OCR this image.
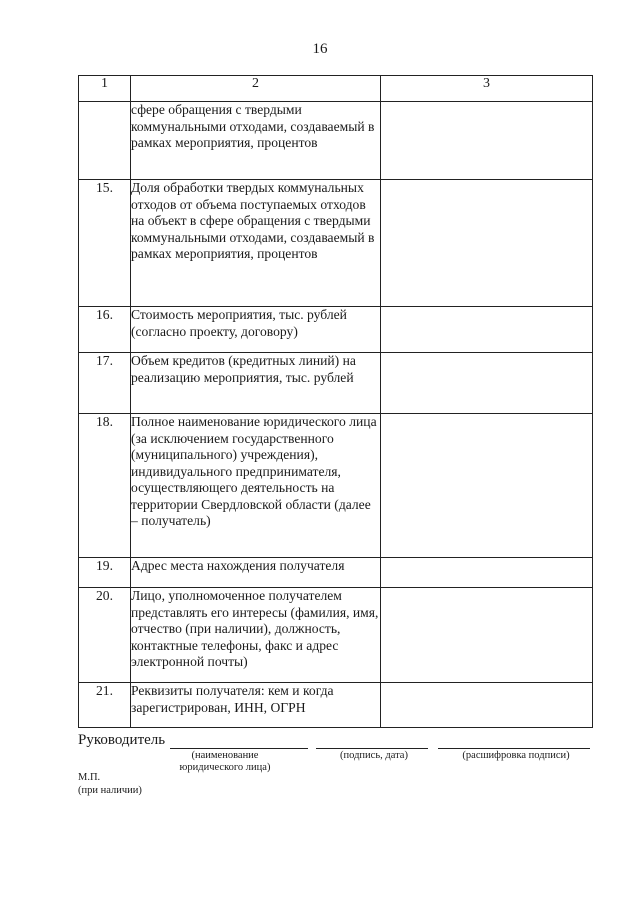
16
1	2	3
	сфере обращения с твердыми коммунальными отходами, создаваемый в рамках мероприятия, процентов	
15.	Доля обработки твердых коммунальных отходов от объема поступаемых отходов на объект в сфере обращения с твердыми коммунальными отходами, создаваемый в рамках мероприятия, процентов	
16.	Стоимость мероприятия, тыс. рублей (согласно проекту, договору)	
17.	Объем кредитов (кредитных линий) на реализацию мероприятия, тыс. рублей	
18.	Полное наименование юридического лица (за исключением государственного (муниципального) учреждения), индивидуального предпринимателя, осуществляющего деятельность на территории Свердловской области (далее – получатель)	
19.	Адрес места нахождения получателя	
20.	Лицо, уполномоченное получателем представлять его интересы (фамилия, имя, отчество (при наличии), должность, контактные телефоны, факс и адрес электронной почты)	
21.	Реквизиты получателя: кем и когда зарегистрирован, ИНН, ОГРН	
Руководитель
(наименование юридического лица)
(подпись, дата)	(расшифровка подписи)
М.П.
(при наличии)
